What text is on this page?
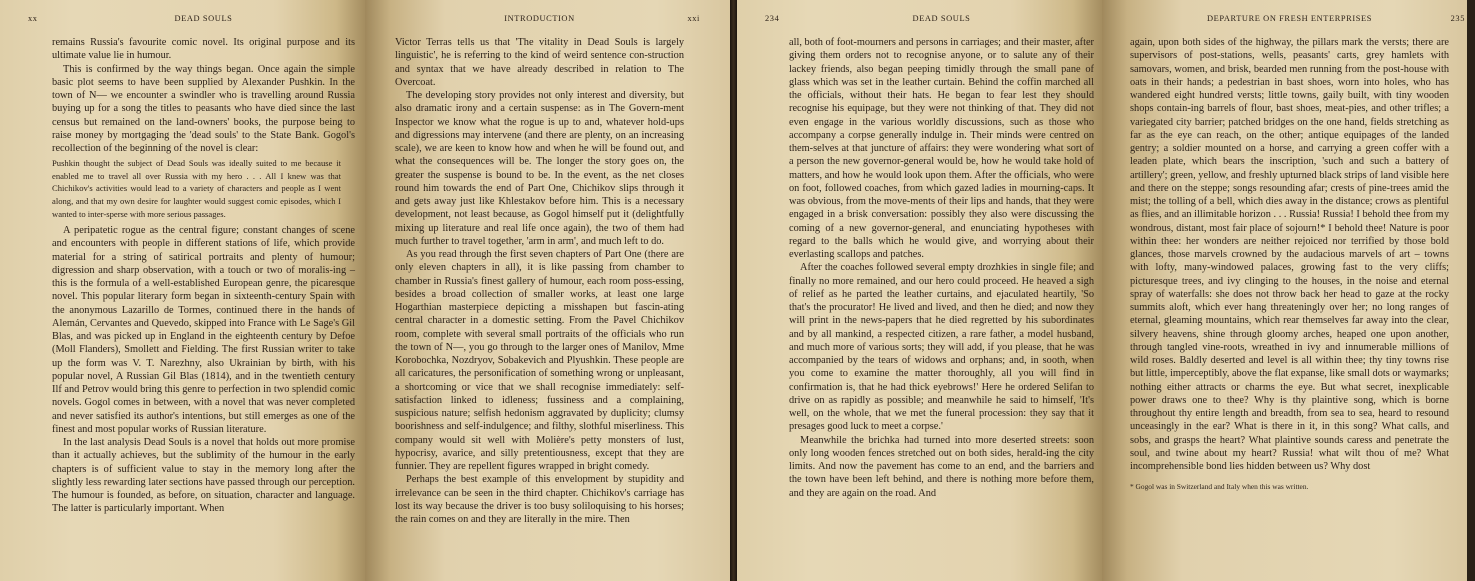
xx	DEAD SOULS

remains Russia's favourite comic novel. Its original purpose and its ultimate value lie in humour.

This is confirmed by the way things began. Once again the simple basic plot seems to have been supplied by Alexander Pushkin. In the town of N— we encounter a swindler who is travelling around Russia buying up for a song the titles to peasants who have died since the last census but remained on the land-owners' books, the purpose being to raise money by mortgaging the 'dead souls' to the State Bank. Gogol's recollection of the beginning of the novel is clear:

Pushkin thought the subject of Dead Souls was ideally suited to me because it enabled me to travel all over Russia with my hero . . . All I knew was that Chichikov's activities would lead to a variety of characters and people as I went along, and that my own desire for laughter would suggest comic episodes, which I wanted to inter-sperse with more serious passages.

A peripatetic rogue as the central figure; constant changes of scene and encounters with people in different stations of life, which provide material for a string of satirical portraits and plenty of humour; digression and sharp observation, with a touch or two of moralis-ing – this is the formula of a well-established European genre, the picaresque novel. This popular literary form began in sixteenth-century Spain with the anonymous Lazarillo de Tormes, continued there in the hands of Alemán, Cervantes and Quevedo, skipped into France with Le Sage's Gil Blas, and was picked up in England in the eighteenth century by Defoe (Moll Flanders), Smollett and Fielding. The first Russian writer to take up the form was V. T. Narezhny, also Ukrainian by birth, with his popular novel, A Russian Gil Blas (1814), and in the twentieth century Ilf and Petrov would bring this genre to perfection in two splendid comic novels. Gogol comes in between, with a novel that was never completed and never satisfied its author's intentions, but still emerges as one of the finest and most popular works of Russian literature.

In the last analysis Dead Souls is a novel that holds out more promise than it actually achieves, but the sublimity of the humour in the early chapters is of sufficient value to stay in the memory long after the slightly less rewarding later sections have passed through our perception. The humour is founded, as before, on situation, character and language. The latter is particularly important. When

INTRODUCTION	xxi

Victor Terras tells us that 'The vitality in Dead Souls is largely linguistic', he is referring to the kind of weird sentence con-struction and syntax that we have already described in relation to The Overcoat.

The developing story provides not only interest and diversity, but also dramatic irony and a certain suspense: as in The Govern-ment Inspector we know what the rogue is up to and, whatever hold-ups and digressions may intervene (and there are plenty, on an increasing scale), we are keen to know how and when he will be found out, and what the consequences will be. The longer the story goes on, the greater the suspense is bound to be. In the event, as the net closes round him towards the end of Part One, Chichikov slips through it and gets away just like Khlestakov before him. This is a necessary development, not least because, as Gogol himself put it (delightfully mixing up literature and real life once again), the two of them had much further to travel together, 'arm in arm', and much left to do.

As you read through the first seven chapters of Part One (there are only eleven chapters in all), it is like passing from chamber to chamber in Russia's finest gallery of humour, each room poss-essing, besides a broad collection of smaller works, at least one large Hogarthian masterpiece depicting a misshapen but fascin-ating central character in a domestic setting. From the Pavel Chichikov room, complete with several small portraits of the officials who run the town of N—, you go through to the larger ones of Manilov, Mme Korobochka, Nozdryov, Sobakevich and Plyushkin. These people are all caricatures, the personification of something wrong or unpleasant, a shortcoming or vice that we shall recognise immediately: self-satisfaction linked to idleness; fussiness and a complaining, suspicious nature; selfish hedonism aggravated by duplicity; clumsy boorishness and self-indulgence; and filthy, slothful miserliness. This company would sit well with Molière's petty monsters of lust, hypocrisy, avarice, and silly pretentiousness, except that they are funnier. They are repellent figures wrapped in bright comedy.

Perhaps the best example of this envelopment by stupidity and irrelevance can be seen in the third chapter. Chichikov's carriage has lost its way because the driver is too busy soliloquising to his horses; the rain comes on and they are literally in the mire. Then

234	DEAD SOULS

all, both of foot-mourners and persons in carriages; and their master, after giving them orders not to recognise anyone, or to salute any of their lackey friends, also began peeping timidly through the small pane of glass which was set in the leather curtain. Behind the coffin marched all the officials, without their hats. He began to fear lest they should recognise his equipage, but they were not thinking of that. They did not even engage in the various worldly discussions, such as those who accompany a corpse generally indulge in. Their minds were centred on them-selves at that juncture of affairs: they were wondering what sort of a person the new governor-general would be, how he would take hold of matters, and how he would look upon them. After the officials, who were on foot, followed coaches, from which gazed ladies in mourning-caps. It was obvious, from the move-ments of their lips and hands, that they were engaged in a brisk conversation: possibly they also were discussing the coming of a new governor-general, and enunciating hypotheses with regard to the balls which he would give, and worrying about their everlasting scallops and patches.

After the coaches followed several empty drozhkies in single file; and finally no more remained, and our hero could proceed. He heaved a sigh of relief as he parted the leather curtains, and ejaculated heartily, 'So that's the procurator! He lived and lived, and then he died; and now they will print in the news-papers that he died regretted by his subordinates and by all mankind, a respected citizen, a rare father, a model husband, and much more of various sorts; they will add, if you please, that he was accompanied by the tears of widows and orphans; and, in sooth, when you come to examine the matter thoroughly, all you will find in confirmation is, that he had thick eyebrows!' Here he ordered Selifan to drive on as rapidly as possible; and meanwhile he said to himself, 'It's well, on the whole, that we met the funeral procession: they say that it presages good luck to meet a corpse.'

Meanwhile the brichka had turned into more deserted streets: soon only long wooden fences stretched out on both sides, herald-ing the city limits. And now the pavement has come to an end, and the barriers and the town have been left behind, and there is nothing more before them, and they are again on the road. And

DEPARTURE ON FRESH ENTERPRISES	235

again, upon both sides of the highway, the pillars mark the versts; there are supervisors of post-stations, wells, peasants' carts, grey hamlets with samovars, women, and brisk, bearded men running from the post-house with oats in their hands; a pedestrian in bast shoes, worn into holes, who has wandered eight hundred versts; little towns, gaily built, with tiny wooden shops contain-ing barrels of flour, bast shoes, meat-pies, and other trifles; a variegated city barrier; patched bridges on the one hand, fields stretching as far as the eye can reach, on the other; antique equipages of the landed gentry; a soldier mounted on a horse, and carrying a green coffer with a leaden plate, which bears the inscription, 'such and such a battery of artillery'; green, yellow, and freshly upturned black strips of land visible here and there on the steppe; songs resounding afar; crests of pine-trees amid the mist; the tolling of a bell, which dies away in the distance; crows as plentiful as flies, and an illimitable horizon . . . Russia! Russia! I behold thee from my wondrous, distant, most fair place of sojourn!* I behold thee! Nature is poor within thee: her wonders are neither rejoiced nor terrified by those bold glances, those marvels crowned by the audacious marvels of art – towns with lofty, many-windowed palaces, growing fast to the very cliffs; picturesque trees, and ivy clinging to the houses, in the noise and eternal spray of waterfalls: she does not throw back her head to gaze at the rocky summits aloft, which ever hang threateningly over her; no long ranges of eternal, gleaming mountains, which rear themselves far away into the clear, silvery heavens, shine through gloomy arches, heaped one upon another, through tangled vine-roots, wreathed in ivy and innumerable millions of wild roses. Baldly deserted and level is all within thee; thy tiny towns rise but little, imperceptibly, above the flat expanse, like small dots or waymarks; nothing either attracts or charms the eye. But what secret, inexplicable power draws one to thee? Why is thy plaintive song, which is borne throughout thy entire length and breadth, from sea to sea, heard to resound unceasingly in the ear? What is there in it, in this song? What calls, and sobs, and grasps the heart? What plaintive sounds caress and penetrate the soul, and twine about my heart? Russia! what wilt thou of me? What incomprehensible bond lies hidden between us? Why dost

* Gogol was in Switzerland and Italy when this was written.
